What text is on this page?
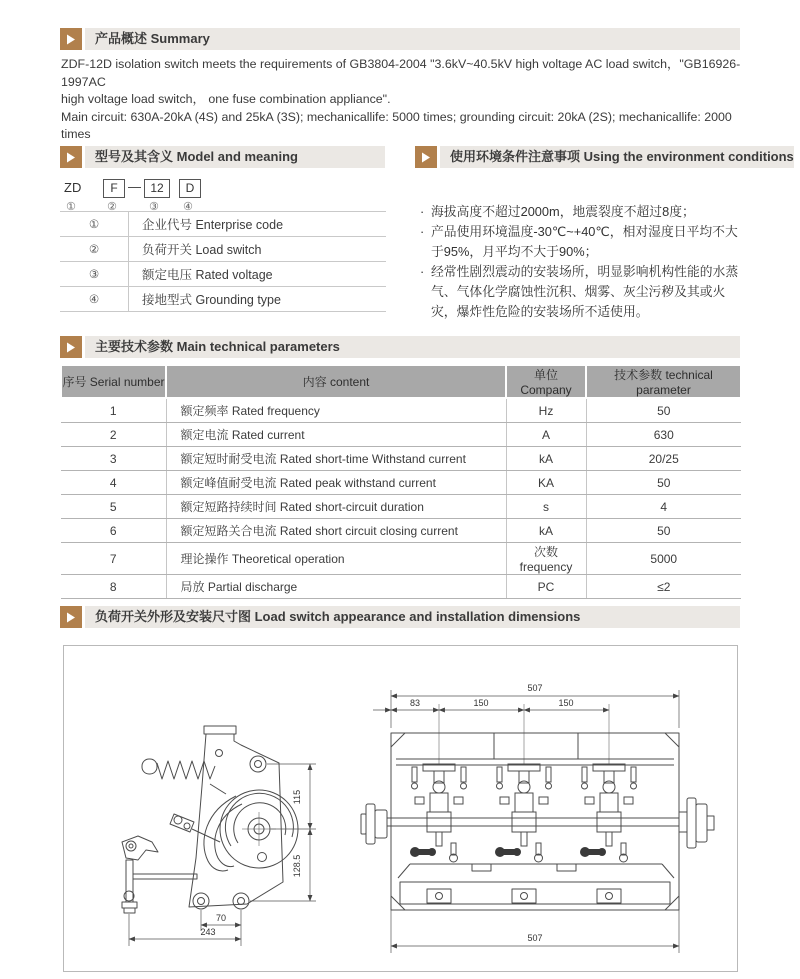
产品概述 Summary
ZDF-12D isolation switch meets the requirements of GB3804-2004 "3.6kV~40.5kV high voltage AC load switch，"GB16926-1997AC
high voltage load switch， one fuse combination appliance".
Main circuit: 630A-20kA (4S) and 25kA (3S); mechanicallife: 5000 times; grounding circuit: 20kA (2S); mechanicallife: 2000 times
型号及其含义 Model and meaning
ZD	F — 12	D
①	②	③ ④
①	企业代号 Enterprise code
②	负荷开关 Load switch
③	额定电压 Rated voltage
④	接地型式 Grounding type
使用环境条件注意事项 Using the environment conditions
· 海拔高度不超过2000m，地震裂度不超过8度；
· 产品使用环境温度-30℃~+40℃，相对湿度日平均不大于95%，月平均不大于90%；
· 经常性剧烈震动的安装场所，明显影响机构性能的水蒸气、气体化学腐蚀性沉积、烟雾、灰尘污秽及其或火灾，爆炸性危险的安装场所不适使用。
主要技术参数 Main technical parameters
序号 Serial number	内容 content	单位 Company	技术参数 technical parameter
1	额定频率 Rated frequency	Hz	50
2	额定电流 Rated current	A	630
3	额定短时耐受电流 Rated short-time Withstand current	kA	20/25
4	额定峰值耐受电流 Rated peak withstand current	KA	50
5	额定短路持续时间 Rated short-circuit duration	s	4
6	额定短路关合电流 Rated short circuit closing current	kA	50
7	理论操作 Theoretical operation	次数 frequency	5000
8	局放 Partial discharge	PC	≤2
负荷开关外形及安装尺寸图 Load switch appearance and installation dimensions
115
128.5
70
243
507
83	150	150
507
